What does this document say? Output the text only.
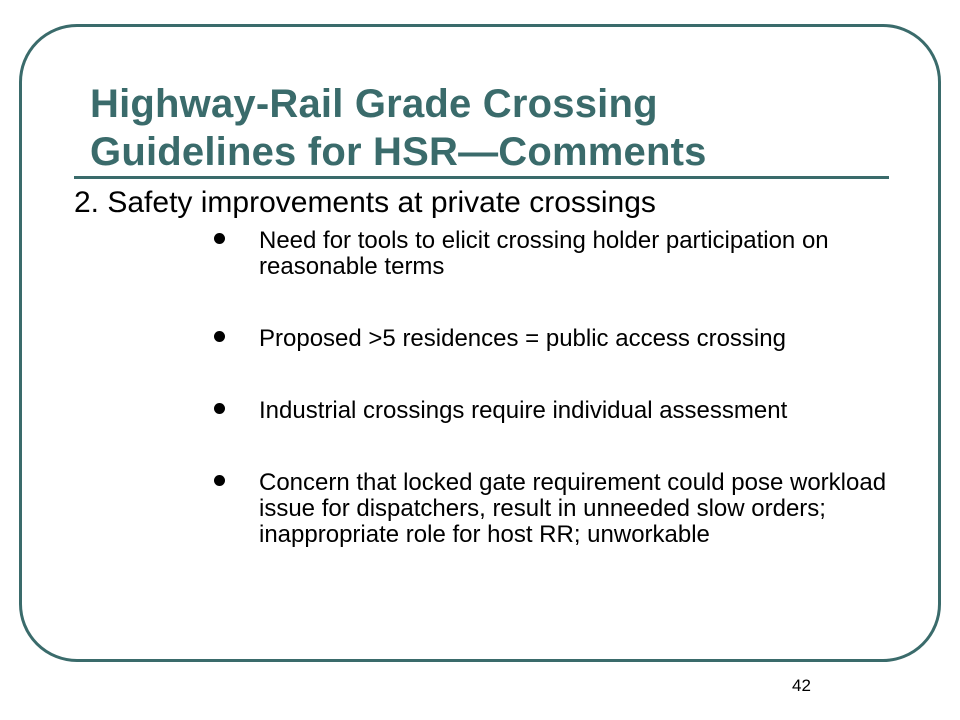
Highway-Rail Grade Crossing
Guidelines for HSR—Comments

2. Safety improvements at private crossings

Need for tools to elicit crossing holder participation on reasonable terms
Proposed >5 residences = public access crossing
Industrial crossings require individual assessment
Concern that locked gate requirement could pose workload issue for dispatchers, result in unneeded slow orders; inappropriate role for host RR; unworkable
42
